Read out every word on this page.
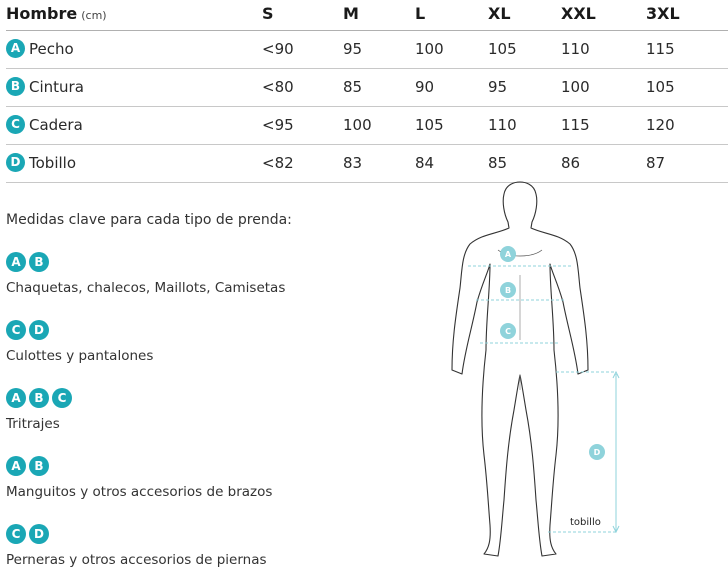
Hombre (cm)	S	M	L	XL	XXL	3XL
A Pecho	<90	95	100	105	110	115
B Cintura	<80	85	90	95	100	105
C Cadera	<95	100	105	110	115	120
D Tobillo	<82	83	84	85	86	87
Medidas clave para cada tipo de prenda:
A B
Chaquetas, chalecos, Maillots, Camisetas
C D
Culottes y pantalones
A B C
Tritrajes
A B
Manguitos y otros accesorios de brazos
C D
Perneras y otros accesorios de piernas
A
B
C
D
tobillo
